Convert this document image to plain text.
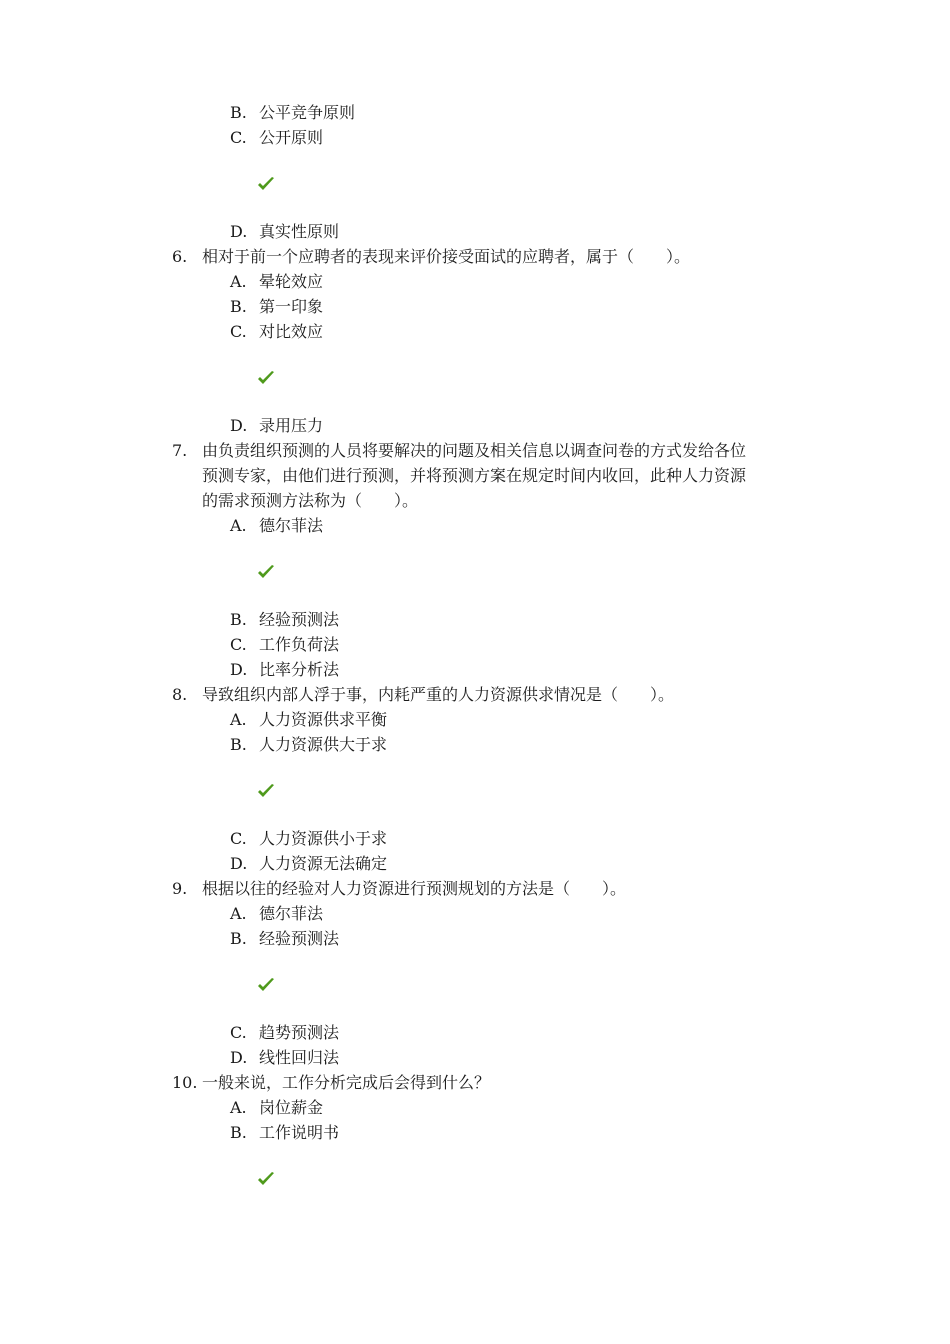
B. 公平竞争原则
C. 公开原则
D. 真实性原则
6. 相对于前一个应聘者的表现来评价接受面试的应聘者，属于（　　）。
A. 晕轮效应
B. 第一印象
C. 对比效应
D. 录用压力
7. 由负责组织预测的人员将要解决的问题及相关信息以调查问卷的方式发给各位
预测专家，由他们进行预测，并将预测方案在规定时间内收回，此种人力资源
的需求预测方法称为（　　）。
A. 德尔菲法
B. 经验预测法
C. 工作负荷法
D. 比率分析法
8. 导致组织内部人浮于事，内耗严重的人力资源供求情况是（　　）。
A. 人力资源供求平衡
B. 人力资源供大于求
C. 人力资源供小于求
D. 人力资源无法确定
9. 根据以往的经验对人力资源进行预测规划的方法是（　　）。
A. 德尔菲法
B. 经验预测法
C. 趋势预测法
D. 线性回归法
10. 一般来说，工作分析完成后会得到什么？
A. 岗位薪金
B. 工作说明书
